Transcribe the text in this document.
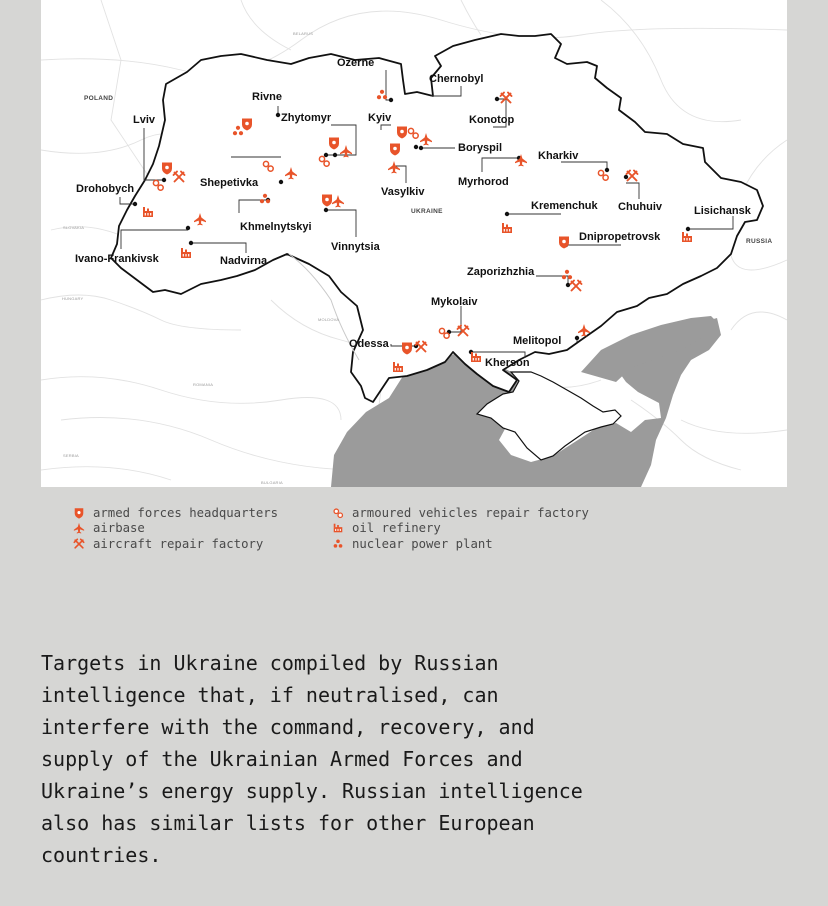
BELARUS
POLAND
UKRAINE
RUSSIA
SLOVAKIA
HUNGARY
MOLDOVA
ROMANIA
SERBIA
BULGARIA
Ozerne
Chernobyl
Rivne
Lviv	Zhytomyr	Kyiv	Konotop
Boryspil
Kharkiv
Drohobych	Shepetivka
Vasylkiv
Myrhorod
Kremenchuk Chuhuiv	Lisichansk
Khmelnytskyi
Dnipropetrovsk
Ivano-Frankivsk	Nadvirna
Vinnytsia
Zaporizhzhia
Mykolaiv
Melitopol
Odessa
Kherson
armed forces headquarters
airbase
aircraft repair factory
armoured vehicles repair factory
oil refinery
nuclear power plant

Targets in Ukraine compiled by Russian intelligence that, if neutralised, can interfere with the command, recovery, and supply of the Ukrainian Armed Forces and Ukraine’s energy supply. Russian intelligence also has similar lists for other European countries.
